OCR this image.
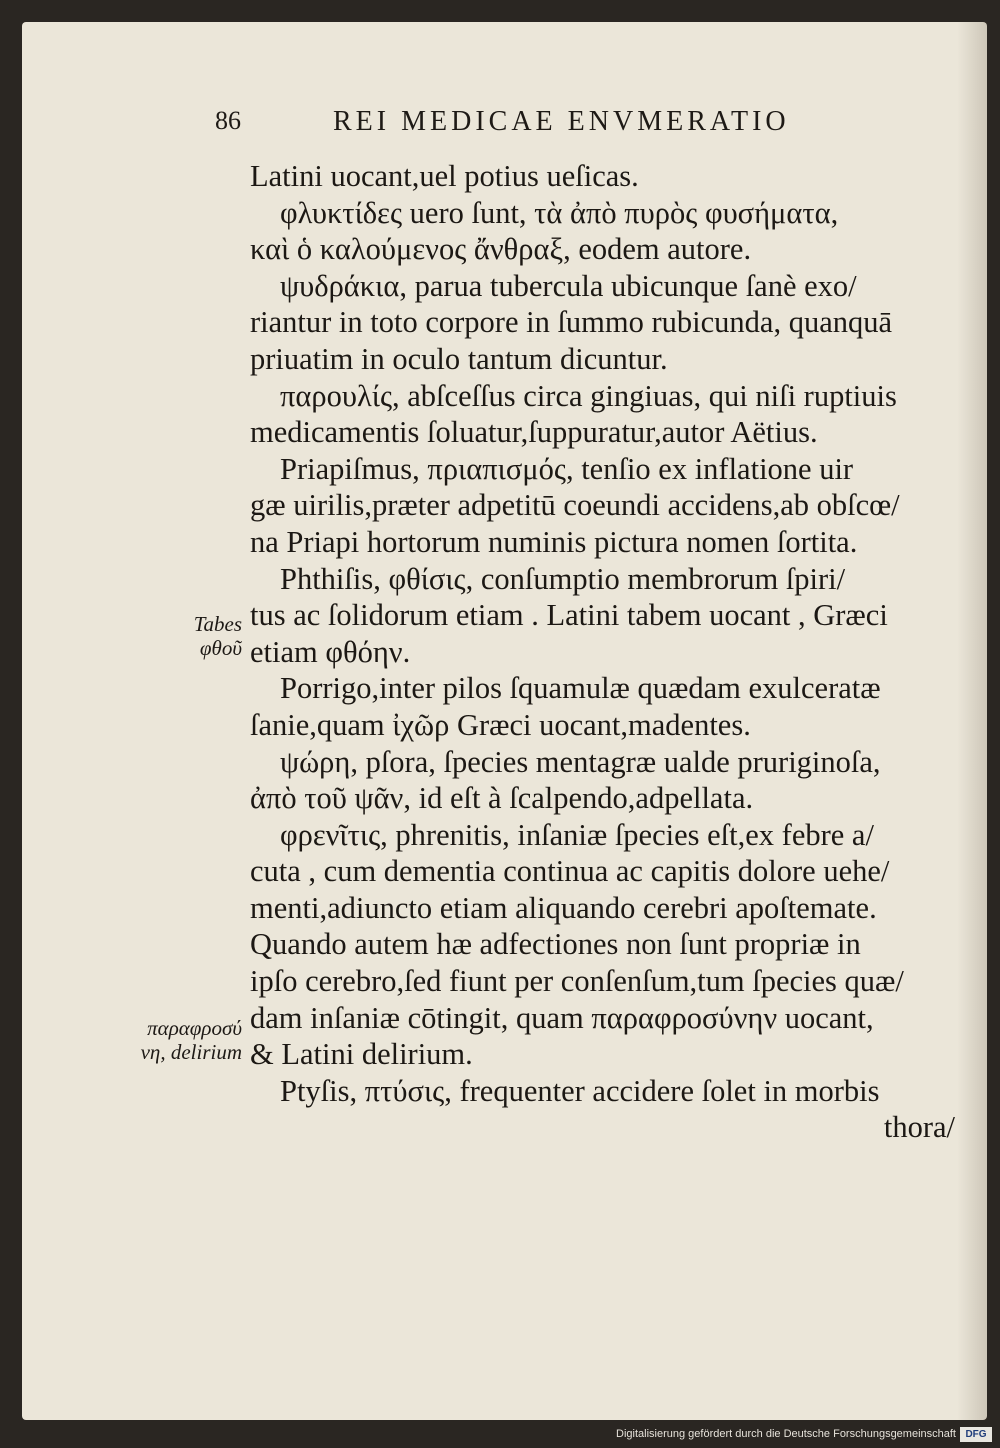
86	REI MEDICAE ENVMERATIO
Latini uocant,uel potius ueſicas.
φλυκτίδες uero ſunt, τὰ ἀπὸ πυρὸς φυσήματα,
καὶ ὁ καλούμενος ἄνθραξ, eodem autore.
ψυδράκια, parua tubercula ubicunque ſanè exo/
riantur in toto corpore in ſummo rubicunda, quanquā
priuatim in oculo tantum dicuntur.
παρουλίς, abſceſſus circa gingiuas, qui niſi ruptiuis
medicamentis ſoluatur,ſuppuratur,autor Aëtius.
Priapiſmus, πριαπισμός, tenſio ex inflatione uir
gæ uirilis,præter adpetitū coeundi accidens,ab obſcœ/
na Priapi hortorum numinis pictura nomen ſortita.
Phthiſis, φθίσις, conſumptio membrorum ſpiri/
tus ac ſolidorum etiam . Latini tabem uocant , Græci
etiam φθόην.
Porrigo,inter pilos ſquamulæ quædam exulceratæ
ſanie,quam ἰχῶρ Græci uocant,madentes.
ψώρη, pſora, ſpecies mentagræ ualde pruriginoſa,
ἀπὸ τοῦ ψᾶν, id eſt à ſcalpendo,adpellata.
φρενῖτις, phrenitis, inſaniæ ſpecies eſt,ex febre a/
cuta , cum dementia continua ac capitis dolore uehe/
menti,adiuncto etiam aliquando cerebri apoſtemate.
Quando autem hæ adfectiones non ſunt propriæ in
ipſo cerebro,ſed fiunt per conſenſum,tum ſpecies quæ/
dam inſaniæ cōtingit, quam παραφροσύνην uocant,
& Latini delirium.
Ptyſis, πτύσις, frequenter accidere ſolet in morbis
thora/
Tabes
φθοῦ
παραφροσύ
νη, delirium
Digitalisierung gefördert durch die Deutsche Forschungsgemeinschaft DFG
